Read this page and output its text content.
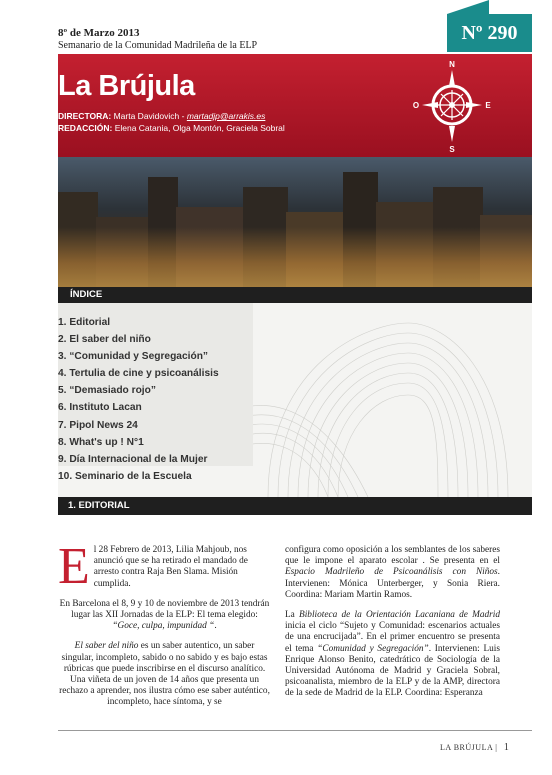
8º de Marzo 2013
Semanario de la Comunidad Madrileña de la ELP
Nº 290
La Brújula
DIRECTORA: Marta Davidovich - martadjp@arrakis.es
REDACCIÓN: Elena Catania, Olga Montón, Graciela Sobral
N
E
S
O
ÍNDICE
1. Editorial
2. El saber del niño
3. “Comunidad y Segregación”
4. Tertulia de cine y psicoanálisis
5. “Demasiado rojo”
6. Instituto Lacan
7. Pipol News 24
8. What's up ! N°1
9. Día Internacional de la Mujer
10. Seminario de la Escuela
1. EDITORIAL

El 28 Febrero de 2013, Lilia Mahjoub, nos anunció que se ha retirado el mandado de arresto contra Raja Ben Slama. Misión cumplida.

En Barcelona el 8, 9 y 10 de noviembre de 2013 tendrán lugar las XII Jornadas de la ELP: El tema elegido: “Goce, culpa, impunidad “.

El saber del niño es un saber autentico, un saber singular, incompleto, sabido o no sabido y es bajo estas rúbricas que puede inscribirse en el discurso analítico. Una viñeta de un joven de 14 años que presenta un rechazo a aprender, nos ilustra cómo ese saber auténtico, incompleto, hace síntoma, y se

configura como oposición a los semblantes de los saberes que le impone el aparato escolar . Se presenta en el Espacio Madrileño de Psicoanálisis con Niños. Intervienen: Mónica Unterberger, y Sonia Riera. Coordina: Mariam Martin Ramos.

La Biblioteca de la Orientación Lacaniana de Madrid inicia el ciclo “Sujeto y Comunidad: escenarios actuales de una encrucijada”. En el primer encuentro se presenta el tema “Comunidad y Segregación”. Intervienen: Luis Enrique Alonso Benito, catedrático de Sociología de la Universidad Autónoma de Madrid y Graciela Sobral, psicoanalista, miembro de la ELP y de la AMP, directora de la sede de Madrid de la ELP. Coordina: Esperanza

LA BRÚJULA | 1
